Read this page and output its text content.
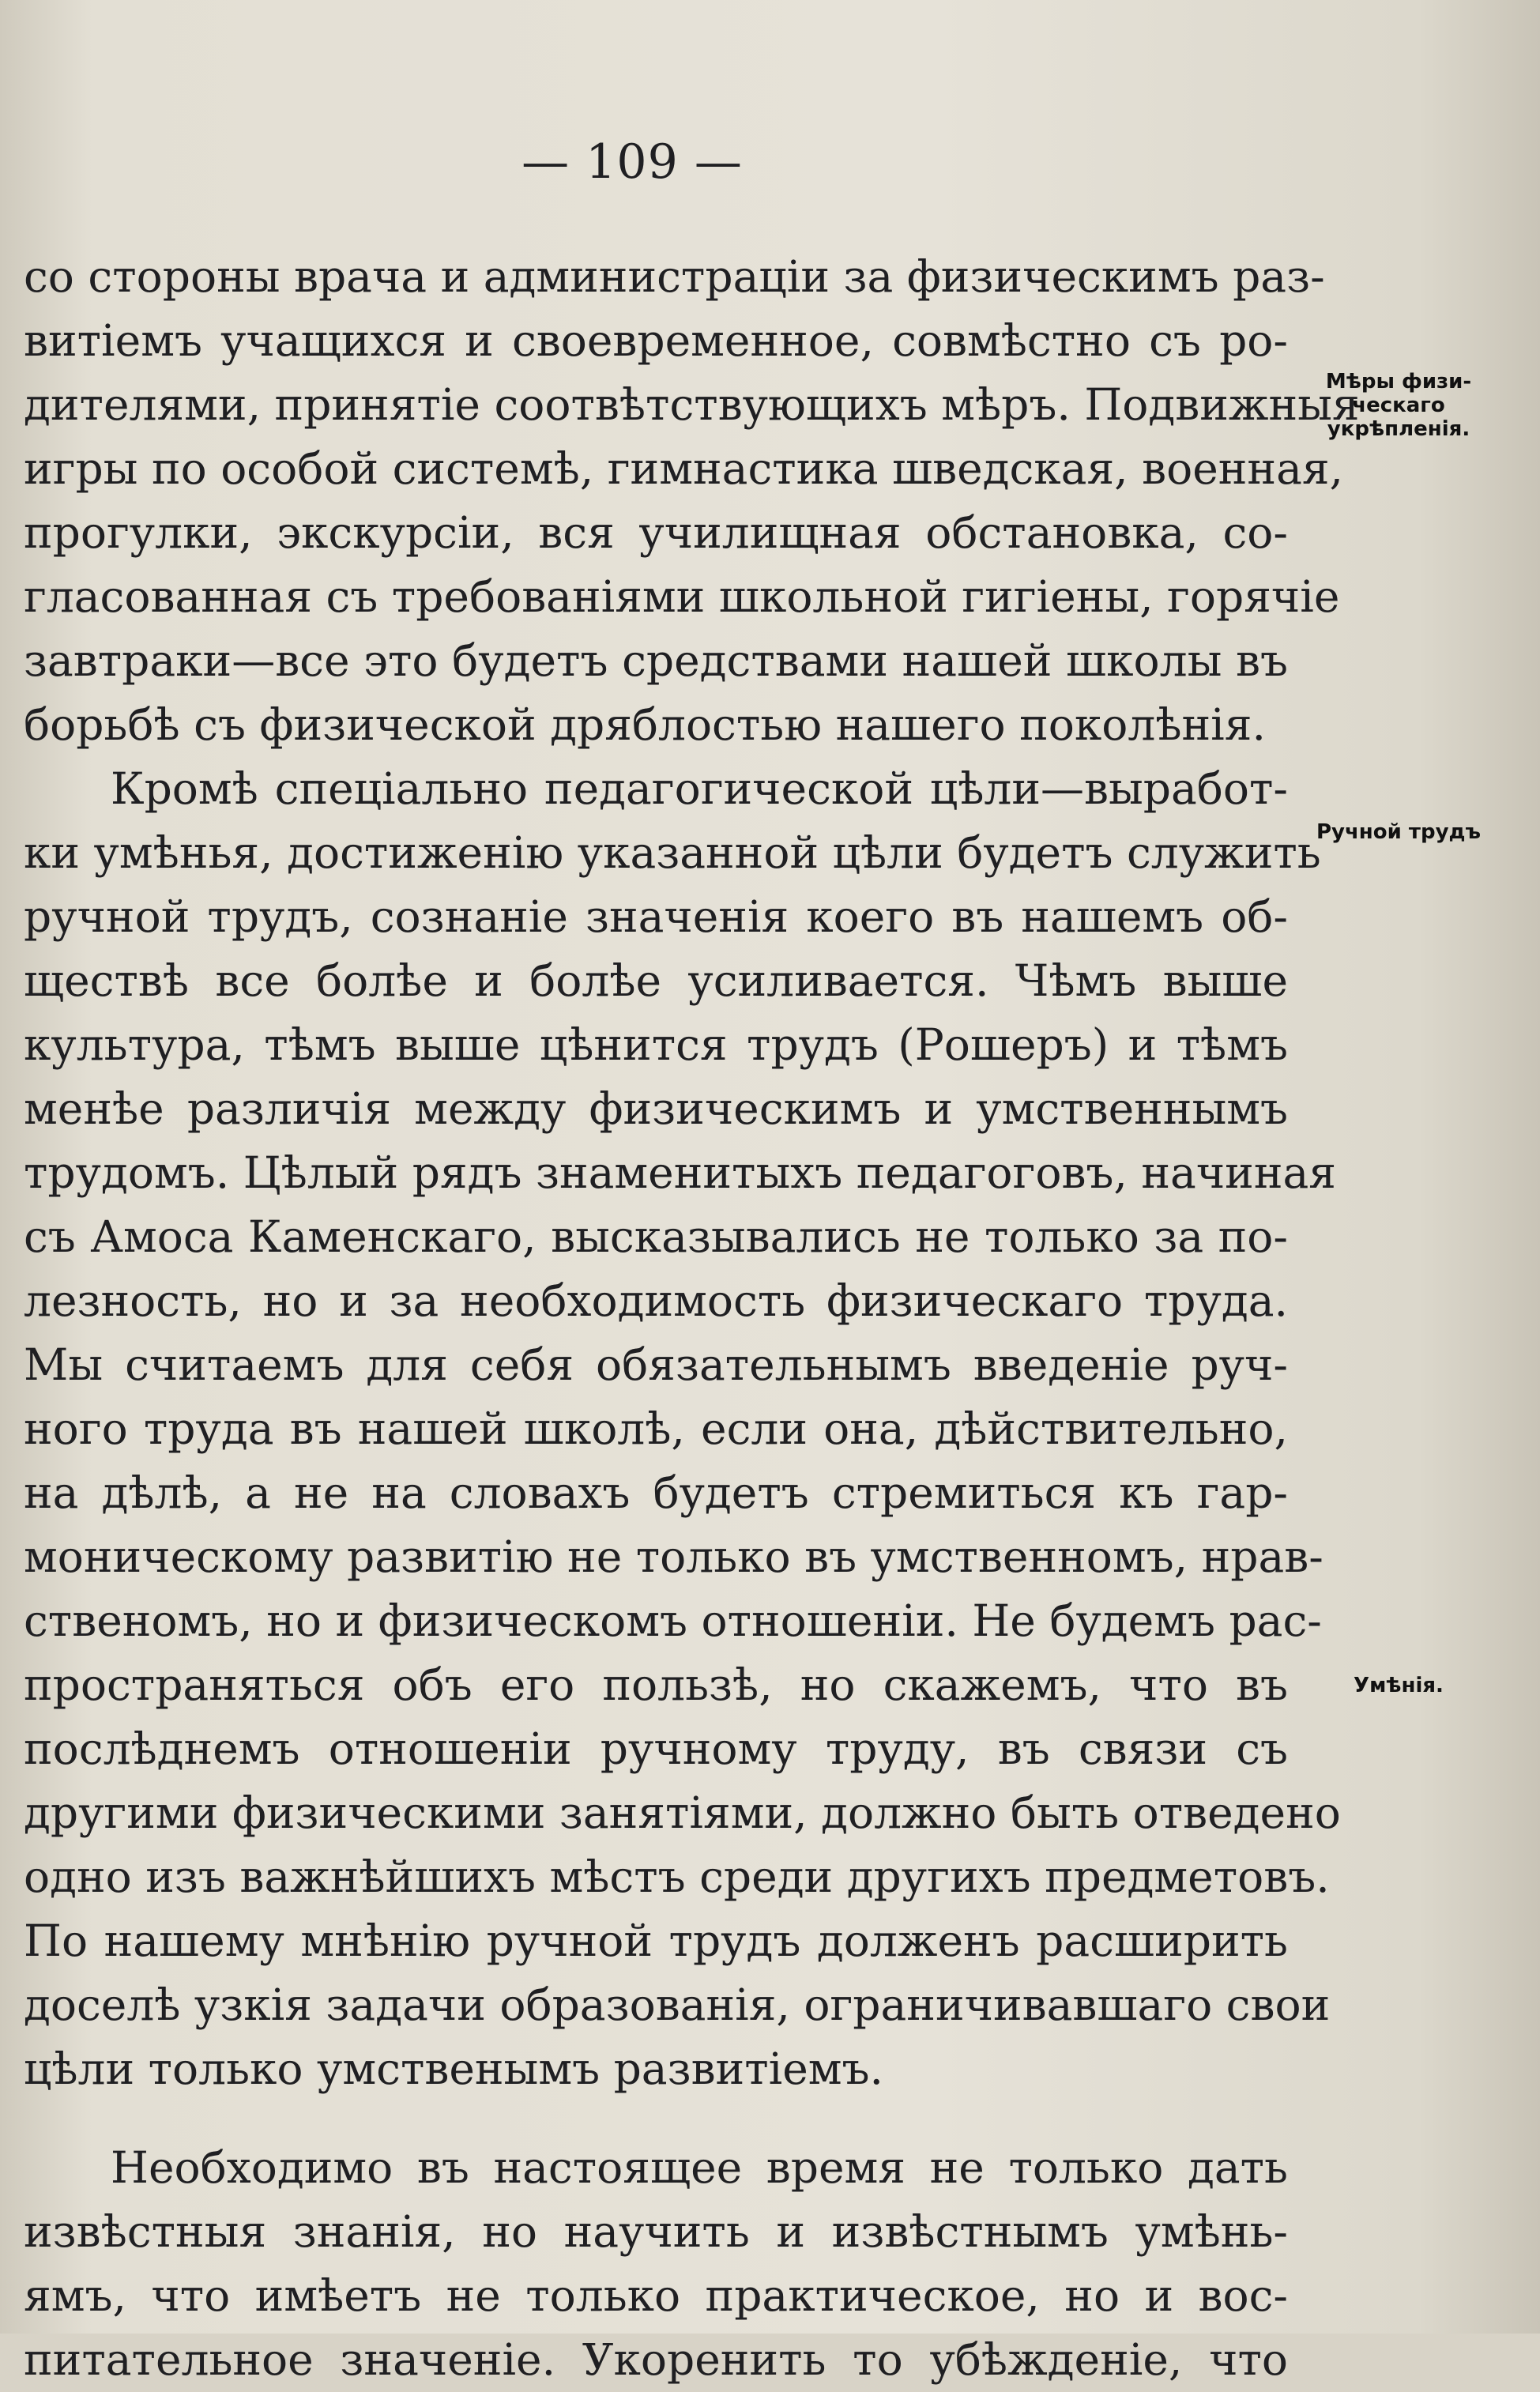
— 109 —
Мѣры физи-
ческаго
укрѣпленія.
Ручной трудъ
Умѣнія.
со стороны врача и администраціи за физическимъ раз-
витіемъ учащихся и своевременное, совмѣстно съ ро-
дителями, принятіе соотвѣтствующихъ мѣръ. Подвижныя
игры по особой системѣ, гимнастика шведская, военная,
прогулки, экскурсіи, вся училищная обстановка, со-
гласованная съ требованіями школьной гигіены, горячіе
завтраки—все это будетъ средствами нашей школы въ
борьбѣ съ физической дряблостью нашего поколѣнія.
Кромѣ спеціально педагогической цѣли—выработ-
ки умѣнья, достиженію указанной цѣли будетъ служить
ручной трудъ, сознаніе значенія коего въ нашемъ об-
ществѣ все болѣе и болѣе усиливается. Чѣмъ выше
культура, тѣмъ выше цѣнится трудъ (Рошеръ) и тѣмъ
менѣе различія между физическимъ и умственнымъ
трудомъ. Цѣлый рядъ знаменитыхъ педагоговъ, начиная
съ Амоса Каменскаго, высказывались не только за по-
лезность, но и за необходимость физическаго труда.
Мы считаемъ для себя обязательнымъ введеніе руч-
ного труда въ нашей школѣ, если она, дѣйствительно,
на дѣлѣ, а не на словахъ будетъ стремиться къ гар-
моническому развитію не только въ умственномъ, нрав-
ственомъ, но и физическомъ отношеніи. Не будемъ рас-
пространяться объ его пользѣ, но скажемъ, что въ
послѣднемъ отношеніи ручному труду, въ связи съ
другими физическими занятіями, должно быть отведено
одно изъ важнѣйшихъ мѣстъ среди другихъ предметовъ.
По нашему мнѣнію ручной трудъ долженъ расширить
доселѣ узкія задачи образованія, ограничивавшаго свои
цѣли только умственымъ развитіемъ.
Необходимо въ настоящее время не только дать
извѣстныя знанія, но научить и извѣстнымъ умѣнь-
ямъ, что имѣетъ не только практическое, но и вос-
питательное значеніе. Укоренить то убѣжденіе, что
